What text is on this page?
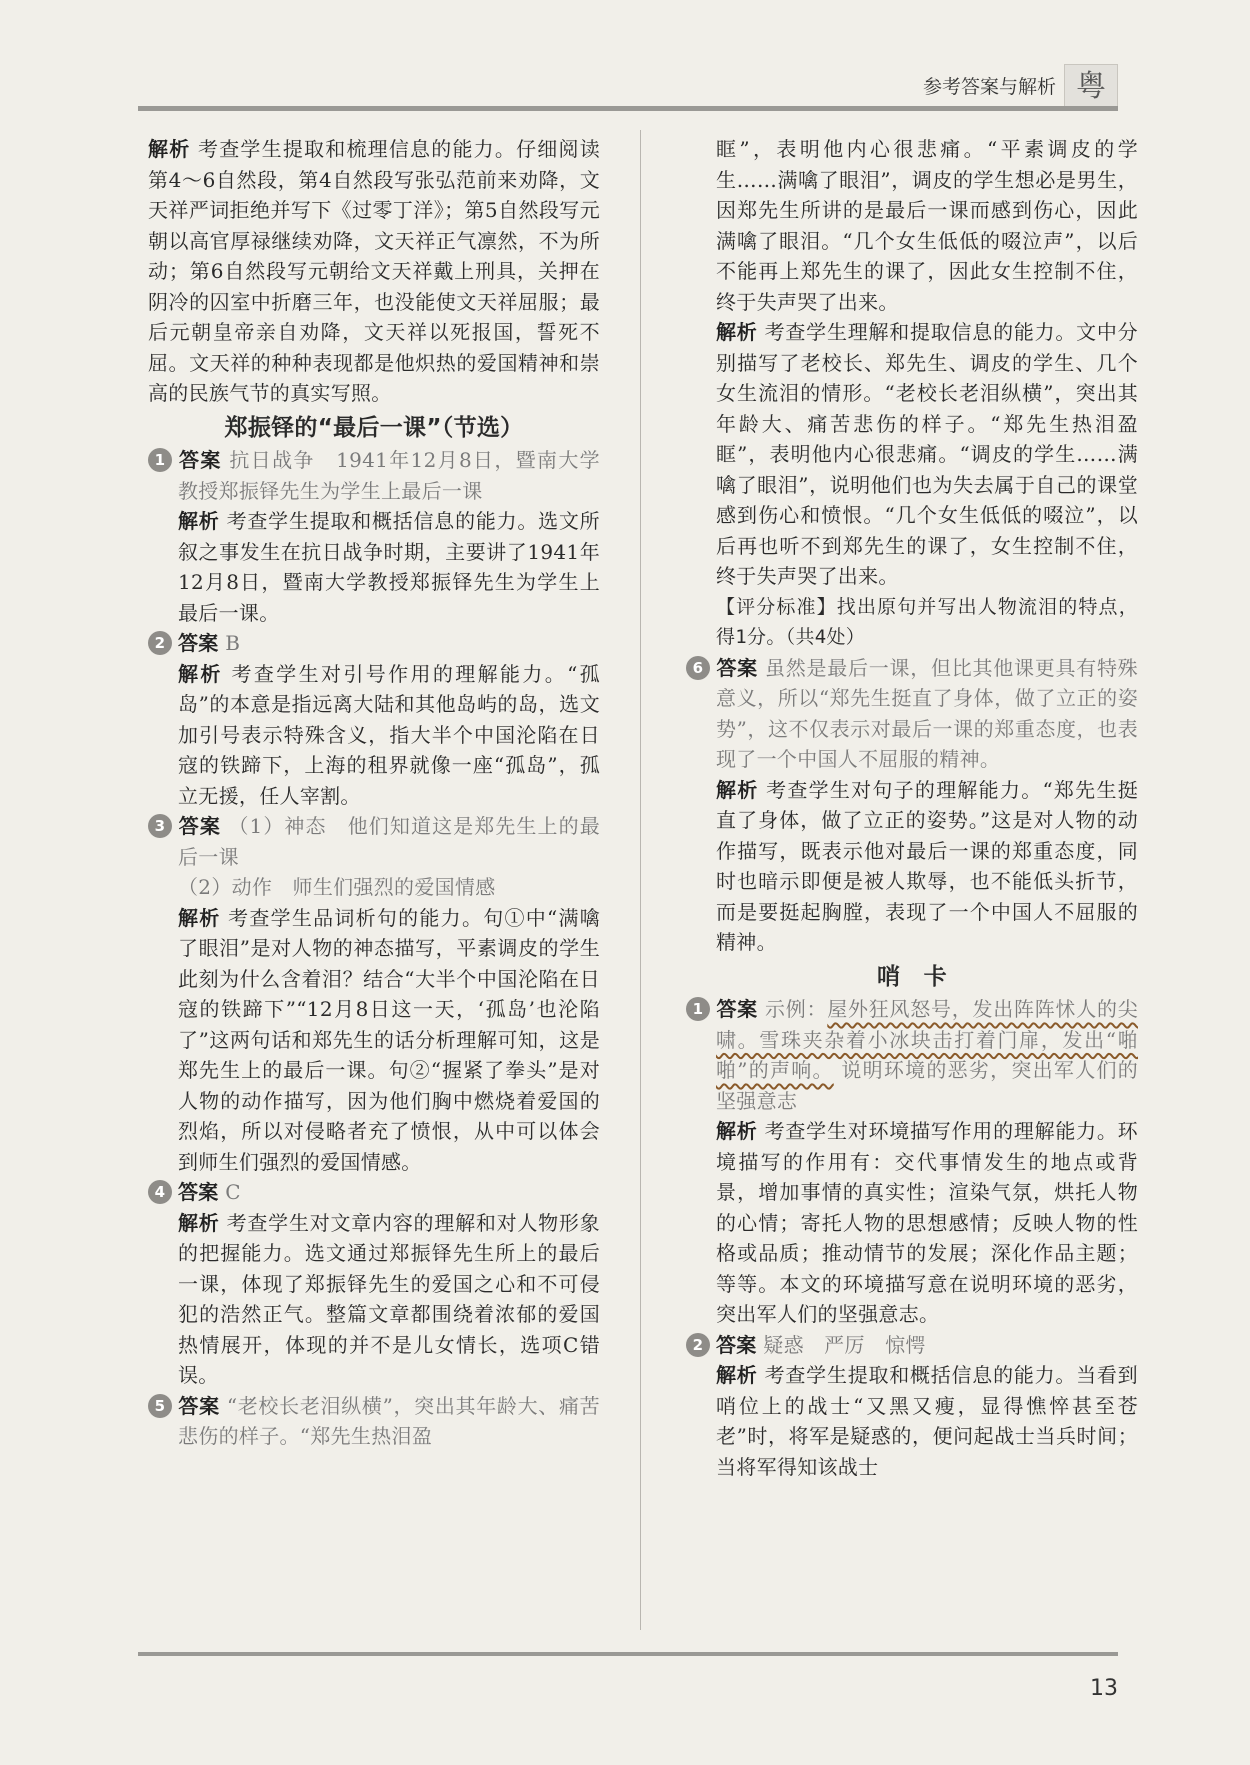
参考答案与解析 粤

解析 考查学生提取和梳理信息的能力。仔细阅读第4～6自然段，第4自然段写张弘范前来劝降，文天祥严词拒绝并写下《过零丁洋》；第5自然段写元朝以高官厚禄继续劝降，文天祥正气凛然，不为所动；第6自然段写元朝给文天祥戴上刑具，关押在阴冷的囚室中折磨三年，也没能使文天祥屈服；最后元朝皇帝亲自劝降，文天祥以死报国，誓死不屈。文天祥的种种表现都是他炽热的爱国精神和崇高的民族气节的真实写照。

郑振铎的“最后一课”（节选）

1 答案 抗日战争　1941年12月8日，暨南大学教授郑振铎先生为学生上最后一课

解析 考查学生提取和概括信息的能力。选文所叙之事发生在抗日战争时期，主要讲了1941年12月8日，暨南大学教授郑振铎先生为学生上最后一课。

2 答案 B

解析 考查学生对引号作用的理解能力。“孤岛”的本意是指远离大陆和其他岛屿的岛，选文加引号表示特殊含义，指大半个中国沦陷在日寇的铁蹄下，上海的租界就像一座“孤岛”，孤立无援，任人宰割。

3 答案 （1）神态　他们知道这是郑先生上的最后一课

（2）动作　师生们强烈的爱国情感

解析 考查学生品词析句的能力。句①中“满噙了眼泪”是对人物的神态描写，平素调皮的学生此刻为什么含着泪？结合“大半个中国沦陷在日寇的铁蹄下”“12月8日这一天，‘孤岛’也沦陷了”这两句话和郑先生的话分析理解可知，这是郑先生上的最后一课。句②“握紧了拳头”是对人物的动作描写，因为他们胸中燃烧着爱国的烈焰，所以对侵略者充了愤恨，从中可以体会到师生们强烈的爱国情感。

4 答案 C

解析 考查学生对文章内容的理解和对人物形象的把握能力。选文通过郑振铎先生所上的最后一课，体现了郑振铎先生的爱国之心和不可侵犯的浩然正气。整篇文章都围绕着浓郁的爱国热情展开，体现的并不是儿女情长，选项C错误。

5 答案 “老校长老泪纵横”，突出其年龄大、痛苦悲伤的样子。“郑先生热泪盈

眶”，表明他内心很悲痛。“平素调皮的学生……满噙了眼泪”，调皮的学生想必是男生，因郑先生所讲的是最后一课而感到伤心，因此满噙了眼泪。“几个女生低低的啜泣声”，以后不能再上郑先生的课了，因此女生控制不住，终于失声哭了出来。

解析 考查学生理解和提取信息的能力。文中分别描写了老校长、郑先生、调皮的学生、几个女生流泪的情形。“老校长老泪纵横”，突出其年龄大、痛苦悲伤的样子。“郑先生热泪盈眶”，表明他内心很悲痛。“调皮的学生……满噙了眼泪”，说明他们也为失去属于自己的课堂感到伤心和愤恨。“几个女生低低的啜泣”，以后再也听不到郑先生的课了，女生控制不住，终于失声哭了出来。

【评分标准】找出原句并写出人物流泪的特点，得1分。（共4处）

6 答案 虽然是最后一课，但比其他课更具有特殊意义，所以“郑先生挺直了身体，做了立正的姿势”，这不仅表示对最后一课的郑重态度，也表现了一个中国人不屈服的精神。

解析 考查学生对句子的理解能力。“郑先生挺直了身体，做了立正的姿势。”这是对人物的动作描写，既表示他对最后一课的郑重态度，同时也暗示即便是被人欺辱，也不能低头折节，而是要挺起胸膛，表现了一个中国人不屈服的精神。

哨　卡

1 答案 示例：屋外狂风怒号，发出阵阵怵人的尖啸。雪珠夹杂着小冰块击打着门扉，发出“啪啪”的声响。 说明环境的恶劣，突出军人们的坚强意志

解析 考查学生对环境描写作用的理解能力。环境描写的作用有：交代事情发生的地点或背景，增加事情的真实性；渲染气氛，烘托人物的心情；寄托人物的思想感情；反映人物的性格或品质；推动情节的发展；深化作品主题；等等。本文的环境描写意在说明环境的恶劣，突出军人们的坚强意志。

2 答案 疑惑　严厉　惊愕

解析 考查学生提取和概括信息的能力。当看到哨位上的战士“又黑又瘦，显得憔悴甚至苍老”时，将军是疑惑的，便问起战士当兵时间；当将军得知该战士

13
